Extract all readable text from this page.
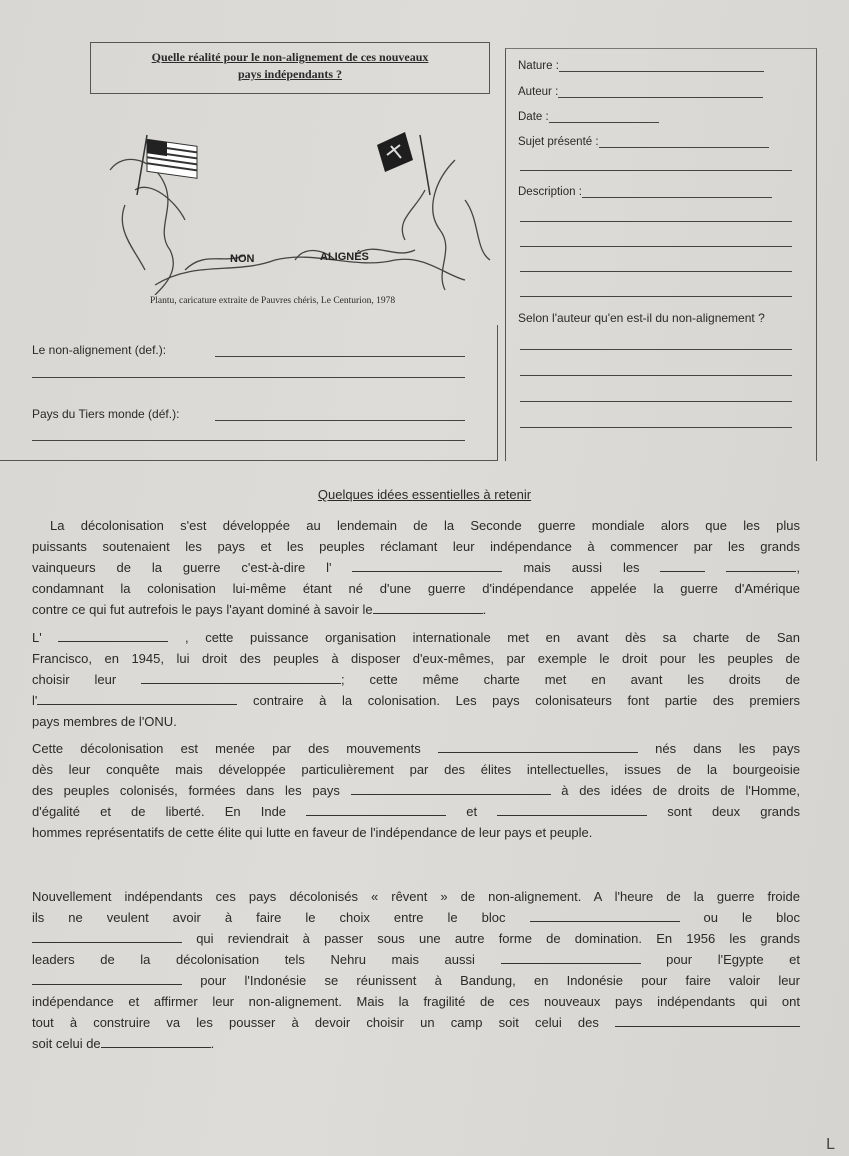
Quelle réalité pour le non-alignement de ces nouveaux
pays indépendants ?
NON	ALIGNÉS
Plantu, caricature extraite de Pauvres chéris, Le Centurion, 1978
Nature :
Auteur :
Date :
Sujet présenté :
Description :
Selon l'auteur qu'en est-il du non-alignement ?
Le non-alignement (def.):
Pays du Tiers monde (déf.):
Quelques idées essentielles à retenir
La décolonisation s'est développée au lendemain de la Seconde guerre mondiale alors que les plus
puissants soutenaient les pays et les peuples réclamant leur indépendance à commencer par les grands
vainqueurs de la guerre c'est-à-dire l'	mais aussi les	,
condamnant la colonisation lui-même étant né d'une guerre d'indépendance appelée la guerre d'Amérique
contre ce qui fut autrefois le pays l'ayant dominé à savoir le	.
L'	, cette puissance organisation internationale met en avant dès sa charte de San
Francisco, en 1945, lui droit des peuples à disposer d'eux-mêmes, par exemple le droit pour les peuples de
choisir leur	; cette même charte met en avant les droits de
l'	contraire à la colonisation. Les pays colonisateurs font partie des premiers
pays membres de l'ONU.
Cette décolonisation est menée par des mouvements	nés dans les pays
dès leur conquête mais développée particulièrement par des élites intellectuelles, issues de la bourgeoisie
des peuples colonisés, formées dans les pays	à des idées de droits de l'Homme,
d'égalité et de liberté. En Inde	et	sont deux grands
hommes représentatifs de cette élite qui lutte en faveur de l'indépendance de leur pays et peuple.
Nouvellement indépendants ces pays décolonisés « rêvent » de non-alignement. A l'heure de la guerre froide
ils ne veulent avoir à faire le choix entre le bloc	ou le bloc
qui reviendrait à passer sous une autre forme de domination. En 1956 les grands
leaders de la décolonisation tels Nehru mais aussi	pour l'Egypte et
pour l'Indonésie se réunissent à Bandung, en Indonésie pour faire valoir leur
indépendance et affirmer leur non-alignement. Mais la fragilité de ces nouveaux pays indépendants qui ont
tout à construire va les pousser à devoir choisir un camp soit celui des
soit celui de	.
L
